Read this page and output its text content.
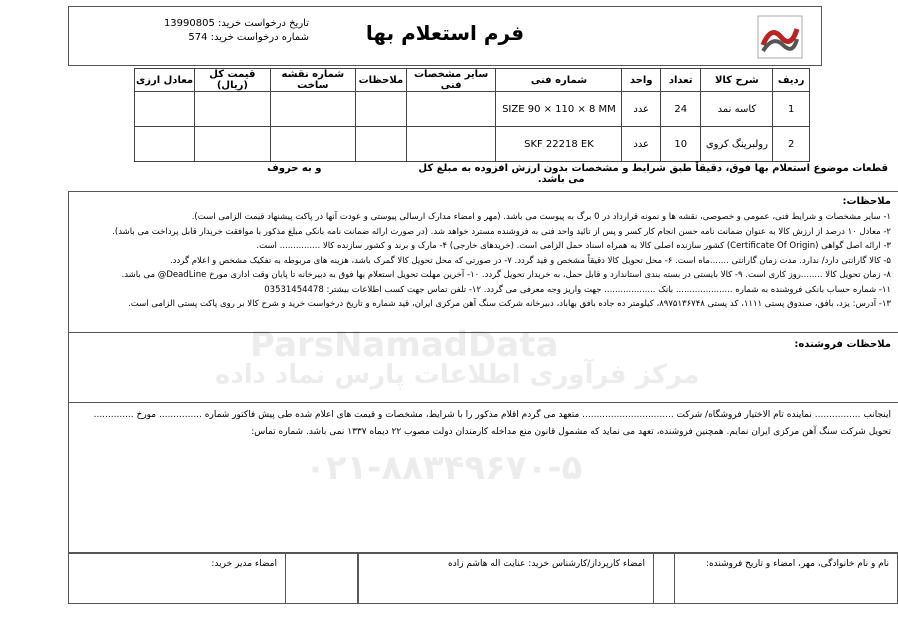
فرم استعلام بها
تاریخ درخواست خرید: 13990805
شماره درخواست خرید: 574
ردیف	شرح کالا	تعداد	واحد	شماره فنی	سایر مشخصات فنی	ملاحظات	شماره نقشه ساخت	قیمت کل (ریال)	معادل ارزی
1	کاسه نمد	24	عدد	SIZE 90 × 110 × 8 MM					
2	رولبرینگ کروی	10	عدد	SKF 22218 EK					
قطعات موضوع استعلام بها فوق، دقیقاً طبق شرایط و مشخصات بدون ارزش افزوده به مبلغ کل  و به حروف  می باشد.
ملاحظات:
۱- سایر مشخصات و شرایط فنی، عمومی و خصوصی، نقشه ها و نمونه قرارداد در 0 برگ به پیوست می باشد. (مهر و امضاء مدارک ارسالی پیوستی و عودت آنها در پاکت پیشنهاد قیمت الزامی است).
۲- معادل ۱۰ درصد از ارزش کالا به عنوان ضمانت نامه حسن انجام کار کسر و پس از تائید واحد فنی به فروشنده مسترد خواهد شد. (در صورت ارائه ضمانت نامه بانکی مبلغ مذکور با موافقت خریدار قابل پرداخت می باشد).
۳- ارائه اصل گواهی (Certificate Of Origin) کشور سازنده اصلی کالا به همراه اسناد حمل الزامی است. (خریدهای خارجی) ۴- مارک و برند و کشور سازنده کالا ............... است.
۵- کالا گارانتی دارد/ ندارد. مدت زمان گارانتی .......ماه است. ۶- محل تحویل کالا دقیقاً مشخص و قید گردد. ۷- در صورتی که محل تحویل کالا گمرک باشد، هزینه های مربوطه به تفکیک مشخص و اعلام گردد.
۸- زمان تحویل کالا ........روز کاری است. ۹- کالا بایستی در بسته بندی استاندارد و قابل حمل، به خریدار تحویل گردد. ۱۰- آخرین مهلت تحویل استعلام بها فوق به دبیرخانه تا پایان وقت اداری مورخ DeadLine@ می باشد.
۱۱- شماره حساب بانکی فروشنده به شماره ..................... بانک ................... جهت واریز وجه معرفی می گردد. ۱۲- تلفن تماس جهت کسب اطلاعات بیشتر: 03531454478
۱۳- آدرس: یزد، بافق، صندوق پستی ۱۱۱۱، کد پستی ۸۹۷۵۱۳۶۷۴۸، کیلومتر ده جاده بافق بهاباد، دبیرخانه شرکت سنگ آهن مرکزی ایران، قید شماره و تاریخ درخواست خرید و شرح کالا بر روی پاکت پستی الزامی است.
ملاحظات فروشنده:
اینجانب ................ نماینده تام الاختیار فروشگاه/ شرکت ................................ متعهد می گردم اقلام مذکور را با شرایط، مشخصات و قیمت های اعلام شده طی پیش فاکتور شماره ............... مورخ ..............
تحویل شرکت سنگ آهن مرکزی ایران نمایم. همچنین فروشنده، تعهد می نماید که مشمول قانون منع مداخله کارمندان دولت مصوب ۲۲ دیماه ۱۳۳۷ نمی باشد. شماره تماس:
نام و نام خانوادگی، مهر، امضاء و تاریخ فروشنده:
امضاء کارپرداز/کارشناس خرید: عنایت اله هاشم زاده
امضاء مدیر خرید:
